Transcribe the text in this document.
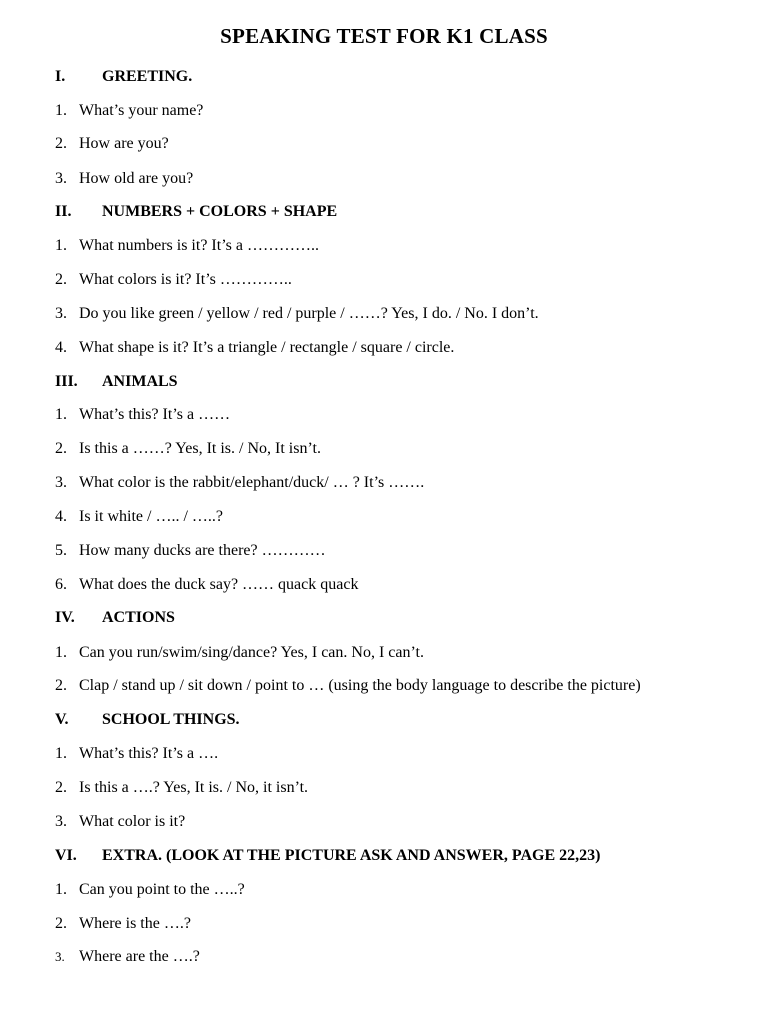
SPEAKING TEST FOR K1 CLASS
I. GREETING.
1. What’s your name?
2. How are you?
3. How old are you?
II. NUMBERS + COLORS + SHAPE
1. What numbers is it? It’s a …………..
2. What colors is it? It’s …………..
3. Do you like green / yellow / red / purple / ……? Yes, I do. / No. I don’t.
4. What shape is it? It’s a triangle / rectangle / square / circle.
III. ANIMALS
1. What’s this? It’s a ……
2. Is this a ……? Yes, It is. / No, It isn’t.
3. What color is the rabbit/elephant/duck/ … ? It’s …….
4. Is it white / ….. / …..?
5. How many ducks are there? …………
6. What does the duck say? …… quack quack
IV. ACTIONS
1. Can you run/swim/sing/dance? Yes, I can. No, I can’t.
2. Clap / stand up / sit down / point to … (using the body language to describe the picture)
V. SCHOOL THINGS.
1. What’s this? It’s a ….
2. Is this a ….? Yes, It is. / No, it isn’t.
3. What color is it?
VI. EXTRA. (LOOK AT THE PICTURE ASK AND ANSWER, PAGE 22,23)
1. Can you point to the …..?
2. Where is the ….?
3. Where are the ….?
